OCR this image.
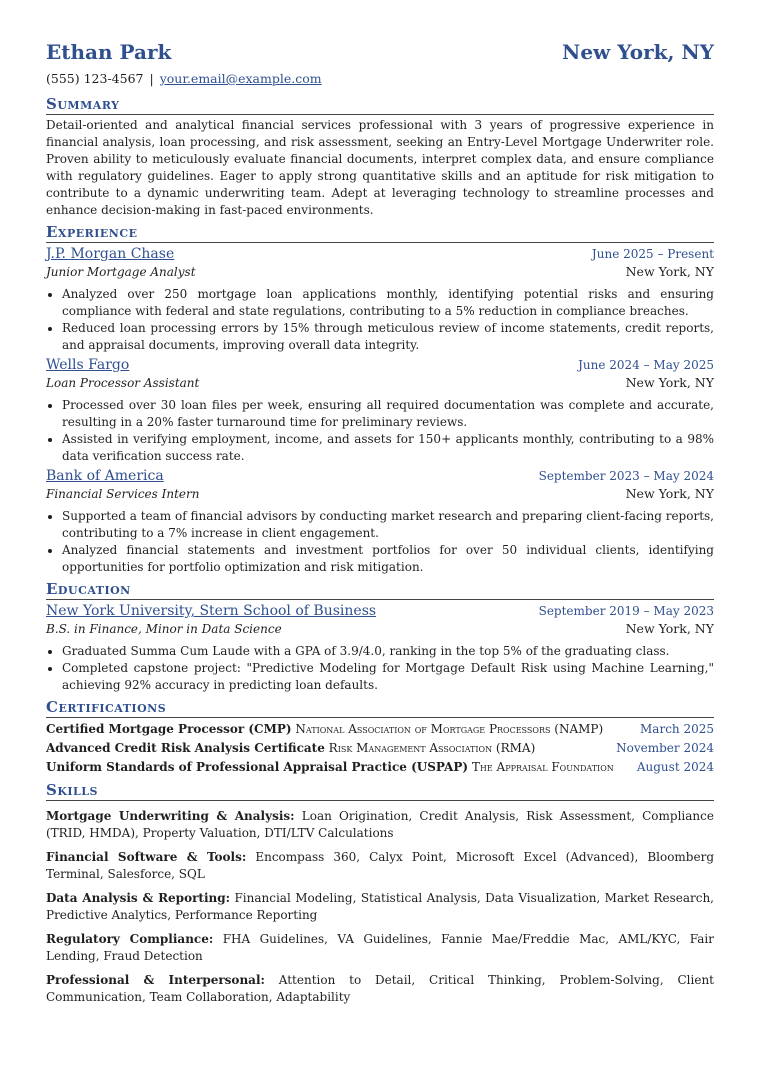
Ethan Park	New York, NY
(555) 123-4567 | your.email@example.com
Summary
Detail-oriented and analytical financial services professional with 3 years of progressive experience in financial analysis, loan processing, and risk assessment, seeking an Entry-Level Mortgage Underwriter role. Proven ability to meticulously evaluate financial documents, interpret complex data, and ensure compliance with regulatory guidelines. Eager to apply strong quantitative skills and an aptitude for risk mitigation to contribute to a dynamic underwriting team. Adept at leveraging technology to streamline processes and enhance decision-making in fast-paced environments.
Experience
J.P. Morgan Chase	June 2025 – Present
Junior Mortgage Analyst	New York, NY
• Analyzed over 250 mortgage loan applications monthly, identifying potential risks and ensuring compliance with federal and state regulations, contributing to a 5% reduction in compliance breaches.
• Reduced loan processing errors by 15% through meticulous review of income statements, credit reports, and appraisal documents, improving overall data integrity.
Wells Fargo	June 2024 – May 2025
Loan Processor Assistant	New York, NY
• Processed over 30 loan files per week, ensuring all required documentation was complete and accurate, resulting in a 20% faster turnaround time for preliminary reviews.
• Assisted in verifying employment, income, and assets for 150+ applicants monthly, contributing to a 98% data verification success rate.
Bank of America	September 2023 – May 2024
Financial Services Intern	New York, NY
• Supported a team of financial advisors by conducting market research and preparing client-facing reports, contributing to a 7% increase in client engagement.
• Analyzed financial statements and investment portfolios for over 50 individual clients, identifying opportunities for portfolio optimization and risk mitigation.
Education
New York University, Stern School of Business	September 2019 – May 2023
B.S. in Finance, Minor in Data Science	New York, NY
• Graduated Summa Cum Laude with a GPA of 3.9/4.0, ranking in the top 5% of the graduating class.
• Completed capstone project: "Predictive Modeling for Mortgage Default Risk using Machine Learning," achieving 92% accuracy in predicting loan defaults.
Certifications
Certified Mortgage Processor (CMP) National Association of Mortgage Processors (NAMP)	March 2025
Advanced Credit Risk Analysis Certificate Risk Management Association (RMA)	November 2024
Uniform Standards of Professional Appraisal Practice (USPAP) The Appraisal Foundation August 2024
Skills
Mortgage Underwriting & Analysis: Loan Origination, Credit Analysis, Risk Assessment, Compliance (TRID, HMDA), Property Valuation, DTI/LTV Calculations
Financial Software & Tools: Encompass 360, Calyx Point, Microsoft Excel (Advanced), Bloomberg Terminal, Salesforce, SQL
Data Analysis & Reporting: Financial Modeling, Statistical Analysis, Data Visualization, Market Research, Predictive Analytics, Performance Reporting
Regulatory Compliance: FHA Guidelines, VA Guidelines, Fannie Mae/Freddie Mac, AML/KYC, Fair Lending, Fraud Detection
Professional & Interpersonal: Attention to Detail, Critical Thinking, Problem-Solving, Client Communication, Team Collaboration, Adaptability
